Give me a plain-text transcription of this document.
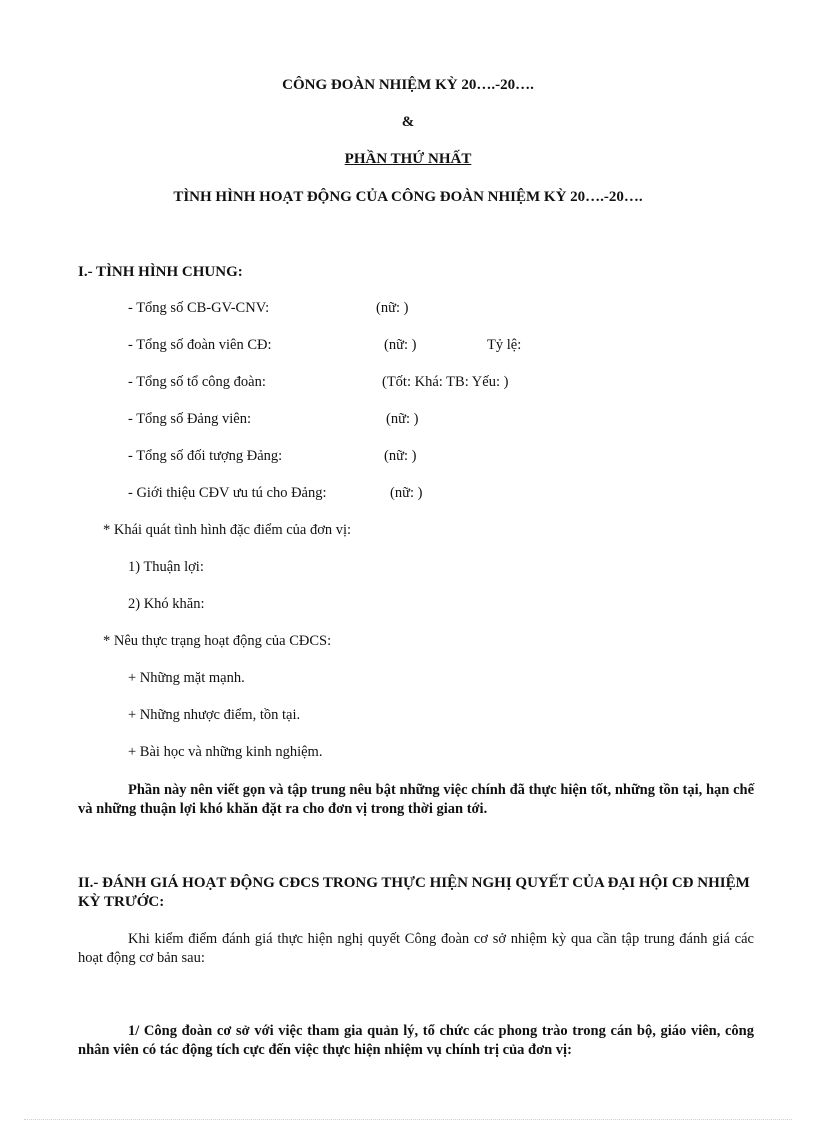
CÔNG ĐOÀN NHIỆM KỲ 20….-20….
&
PHẦN THỨ NHẤT
TÌNH HÌNH HOẠT ĐỘNG CỦA CÔNG ĐOÀN NHIỆM KỲ 20….-20….
I.- TÌNH HÌNH CHUNG:
- Tổng số CB-GV-CNV:	(nữ: )
- Tổng số đoàn viên CĐ:	(nữ: )	Tỷ lệ:
- Tổng số tổ công đoàn:	(Tốt: Khá: TB: Yếu: )
- Tổng số Đảng viên:	(nữ: )
- Tổng số đối tượng Đảng:	(nữ: )
- Giới thiệu CĐV ưu tú cho Đảng:	(nữ: )
* Khái quát tình hình đặc điểm của đơn vị:
1) Thuận lợi:
2) Khó khăn:
* Nêu thực trạng hoạt động của CĐCS:
+ Những mặt mạnh.
+ Những nhược điểm, tồn tại.
+ Bài học và những kinh nghiệm.
Phần này nên viết gọn và tập trung nêu bật những việc chính đã thực hiện tốt, những tồn tại, hạn chế và những thuận lợi khó khăn đặt ra cho đơn vị trong thời gian tới.
II.- ĐÁNH GIÁ HOẠT ĐỘNG CĐCS TRONG THỰC HIỆN NGHỊ QUYẾT CỦA ĐẠI HỘI CĐ NHIỆM KỲ TRƯỚC:
Khi kiểm điểm đánh giá thực hiện nghị quyết Công đoàn cơ sở nhiệm kỳ qua cần tập trung đánh giá các hoạt động cơ bản sau:
1/ Công đoàn cơ sở với việc tham gia quản lý, tổ chức các phong trào trong cán bộ, giáo viên, công nhân viên có tác động tích cực đến việc thực hiện nhiệm vụ chính trị của đơn vị:
